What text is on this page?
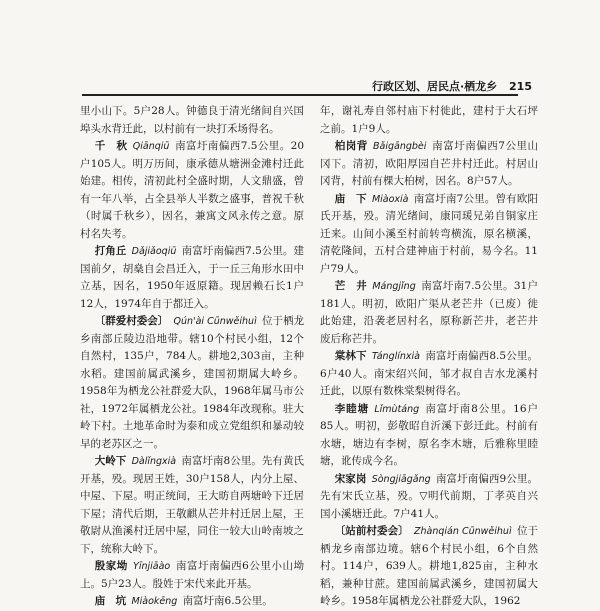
行政区划、居民点·栖龙乡 215

里小山下。5户28人。钟德良于清光绪间自兴国埠头水背迁此，以村前有一块打禾场得名。

千　秋  Qiānqiū  南富圩南偏西7.5公里。20户105人。明万历间，康承德从塘洲金滩村迁此始建。相传，清初此村全盛时期，人文鼎盛，曾有一年八举，占全县举人半数之盛事，普祝千秋（时属千秋乡），因名，兼寓文风永传之意。原村名失考。

打角丘  Dǎjiǎoqiū  南富圩南偏西7.5公里。建国前夕，胡燊自会昌迁入，于一丘三角形水田中立基，因名，1950年返原籍。现居赖石长1户12人，1974年自于都迁入。

〔群爱村委会〕  Qún'ài Cūnwěihuì  位于栖龙乡南部丘陵边沿地带。辖10个村民小组，12个自然村，135户，784人。耕地2,303亩，主种水稻。建国前属武溪乡，建国初期属大岭乡。1958年为栖龙公社群爱大队，1968年属马市公社，1972年属栖龙公社。1984年改现称。驻大岭下村。土地革命时为泰和成立党组织和暴动较早的老苏区之一。

大岭下  Dàlǐngxià  南富圩南8公里。先有黄氏开基，殁。现居王姓，30户158人，内分上屋、中屋、下屋。明正统间，王大昉自两塘岭下迁居下屋；清代后期，王敬麒从芒井村迁居上屋，王敬尉从渔溪村迁居中屋，同住一较大山岭南坡之下，统称大岭下。

殷家坳  Yīnjiāào  南富圩南偏西6公里小山坳上。5户23人。殷姓于宋代来此开基。

庙　坑  Miàokēng  南富圩南6.5公里。

年，谢礼寿自邻村庙下村徙此，建村于大石坪之前。1户9人。

柏岗背  Bǎigāngbèi  南富圩南偏西7公里山冈下。清初，欧阳厚园自芒井村迁此。村居山冈背，村前有棵大柏树，因名。8户57人。

庙　下  Miàoxià  南富圩南7公里。曾有欧阳氏开基，殁。清光绪间，康同瑗兄弟自铜家庄迁来。山间小溪至村前转弯横流，原名横溪，清乾隆间，五村合建神庙于村前，易今名。11户79人。

芒　井  Mángjǐng  南富圩南7.5公里。31户181人。明初，欧阳广渠从老芒井（已废）徙此始建，沿袭老居村名，原称新芒井，老芒井废后称芒井。

棠林下  Tánglínxià  南富圩南偏西8.5公里。6户40人。南宋绍兴间，邹才叔自吉水龙溪村迁此，以原有数株棠梨树得名。

李睦塘  Lǐmùtáng  南富圩南8公里。16户85人。明初，彭敬昭自沂溪下彭迁此。村前有水塘，塘边有李树，原名李木塘，后雅称里睦塘，讹传成今名。

宋家岗  Sòngjiāgǎng  南富圩南偏西9公里。先有宋氏立基，殁。▽明代前期，丁孝英自兴国小溪塘迁此。7户41人。

〔站前村委会〕  Zhànqián Cūnwěihuì  位于栖龙乡南部边境。辖6个村民小组，6个自然村。114户，639人。耕地1,825亩，主种水稻，兼种甘蔗。建国前属武溪乡，建国初属大岭乡。1958年属栖龙公社群爱大队，1962
